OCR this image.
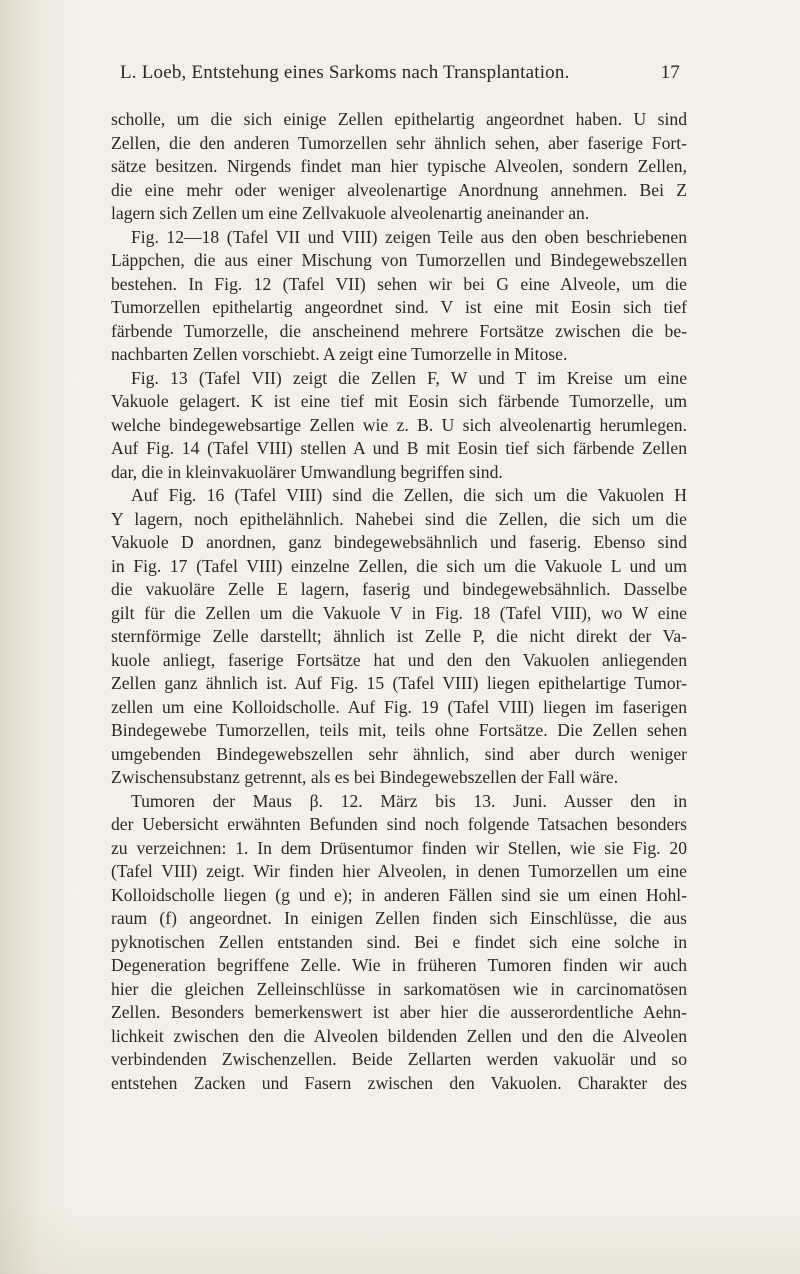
L. Loeb, Entstehung eines Sarkoms nach Transplantation.	17
scholle, um die sich einige Zellen epithelartig angeordnet haben. U sind
Zellen, die den anderen Tumorzellen sehr ähnlich sehen, aber faserige Fort-
sätze besitzen. Nirgends findet man hier typische Alveolen, sondern Zellen,
die eine mehr oder weniger alveolenartige Anordnung annehmen. Bei Z
lagern sich Zellen um eine Zellvakuole alveolenartig aneinander an.
Fig. 12—18 (Tafel VII und VIII) zeigen Teile aus den oben beschriebenen
Läppchen, die aus einer Mischung von Tumorzellen und Bindegewebszellen
bestehen. In Fig. 12 (Tafel VII) sehen wir bei G eine Alveole, um die
Tumorzellen epithelartig angeordnet sind. V ist eine mit Eosin sich tief
färbende Tumorzelle, die anscheinend mehrere Fortsätze zwischen die be-
nachbarten Zellen vorschiebt. A zeigt eine Tumorzelle in Mitose.
Fig. 13 (Tafel VII) zeigt die Zellen F, W und T im Kreise um eine
Vakuole gelagert. K ist eine tief mit Eosin sich färbende Tumorzelle, um
welche bindegewebsartige Zellen wie z. B. U sich alveolenartig herumlegen.
Auf Fig. 14 (Tafel VIII) stellen A und B mit Eosin tief sich färbende Zellen
dar, die in kleinvakuolärer Umwandlung begriffen sind.
Auf Fig. 16 (Tafel VIII) sind die Zellen, die sich um die Vakuolen H
Y lagern, noch epithelähnlich. Nahebei sind die Zellen, die sich um die
Vakuole D anordnen, ganz bindegewebsähnlich und faserig. Ebenso sind
in Fig. 17 (Tafel VIII) einzelne Zellen, die sich um die Vakuole L und um
die vakuoläre Zelle E lagern, faserig und bindegewebsähnlich. Dasselbe
gilt für die Zellen um die Vakuole V in Fig. 18 (Tafel VIII), wo W eine
sternförmige Zelle darstellt; ähnlich ist Zelle P, die nicht direkt der Va-
kuole anliegt, faserige Fortsätze hat und den den Vakuolen anliegenden
Zellen ganz ähnlich ist. Auf Fig. 15 (Tafel VIII) liegen epithelartige Tumor-
zellen um eine Kolloidscholle. Auf Fig. 19 (Tafel VIII) liegen im faserigen
Bindegewebe Tumorzellen, teils mit, teils ohne Fortsätze. Die Zellen sehen
umgebenden Bindegewebszellen sehr ähnlich, sind aber durch weniger
Zwischensubstanz getrennt, als es bei Bindegewebszellen der Fall wäre.
Tumoren der Maus β. 12. März bis 13. Juni. Ausser den in
der Uebersicht erwähnten Befunden sind noch folgende Tatsachen besonders
zu verzeichnen: 1. In dem Drüsentumor finden wir Stellen, wie sie Fig. 20
(Tafel VIII) zeigt. Wir finden hier Alveolen, in denen Tumorzellen um eine
Kolloidscholle liegen (g und e); in anderen Fällen sind sie um einen Hohl-
raum (f) angeordnet. In einigen Zellen finden sich Einschlüsse, die aus
pyknotischen Zellen entstanden sind. Bei e findet sich eine solche in
Degeneration begriffene Zelle. Wie in früheren Tumoren finden wir auch
hier die gleichen Zelleinschlüsse in sarkomatösen wie in carcinomatösen
Zellen. Besonders bemerkenswert ist aber hier die ausserordentliche Aehn-
lichkeit zwischen den die Alveolen bildenden Zellen und den die Alveolen
verbindenden Zwischenzellen. Beide Zellarten werden vakuolär und so
entstehen Zacken und Fasern zwischen den Vakuolen. Charakter des
